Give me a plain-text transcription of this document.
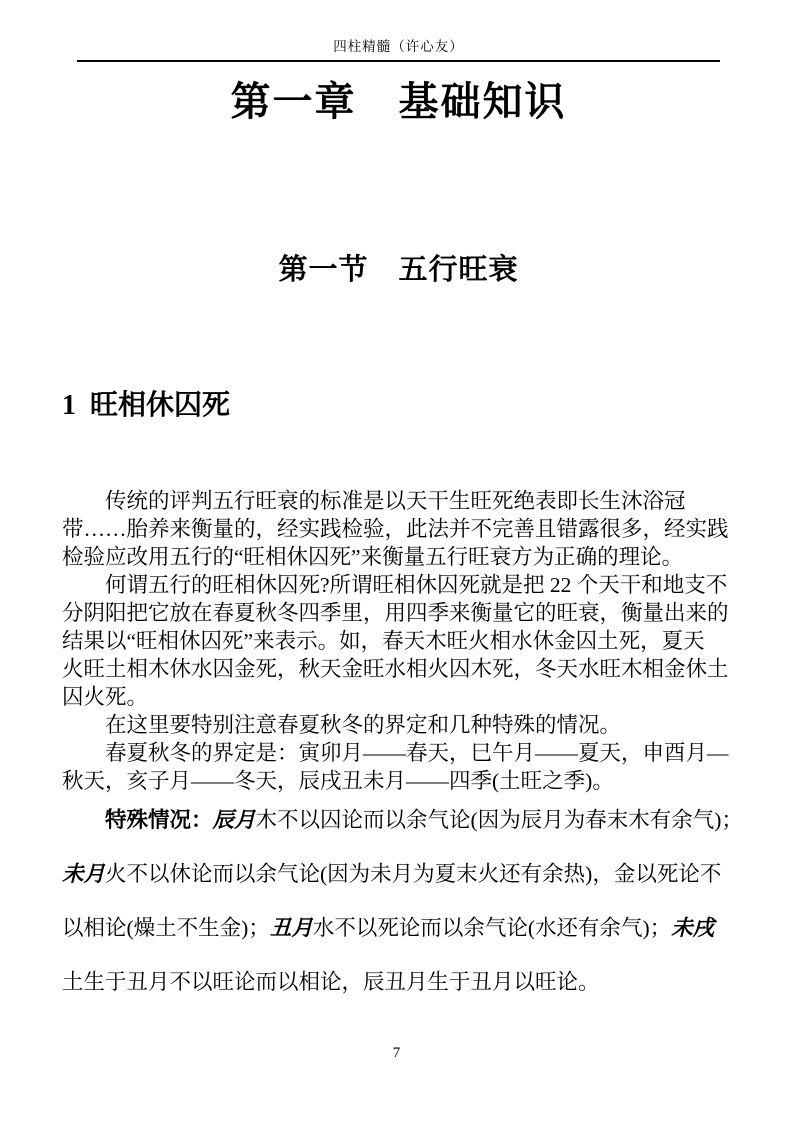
四柱精髓（许心友）
第一章　基础知识
第一节　五行旺衰
1 旺相休囚死
传统的评判五行旺衰的标准是以天干生旺死绝表即长生沐浴冠
带……胎养来衡量的，经实践检验，此法并不完善且错露很多，经实践
检验应改用五行的“旺相休囚死”来衡量五行旺衰方为正确的理论。
何谓五行的旺相休囚死?所谓旺相休囚死就是把 22 个天干和地支不
分阴阳把它放在春夏秋冬四季里，用四季来衡量它的旺衰，衡量出来的
结果以“旺相休囚死”来表示。如，春天木旺火相水休金囚土死，夏天
火旺土相木休水囚金死，秋天金旺水相火囚木死，冬天水旺木相金休土
囚火死。
在这里要特别注意春夏秋冬的界定和几种特殊的情况。
春夏秋冬的界定是：寅卯月——春天，巳午月——夏天，申酉月—
秋天，亥子月——冬天，辰戌丑未月——四季(土旺之季)。
特殊情况：辰月木不以囚论而以余气论(因为辰月为春末木有余气)；
未月火不以休论而以余气论(因为未月为夏末火还有余热)，金以死论不
以相论(燥土不生金)；丑月水不以死论而以余气论(水还有余气)；未戌
土生于丑月不以旺论而以相论，辰丑月生于丑月以旺论。
7
